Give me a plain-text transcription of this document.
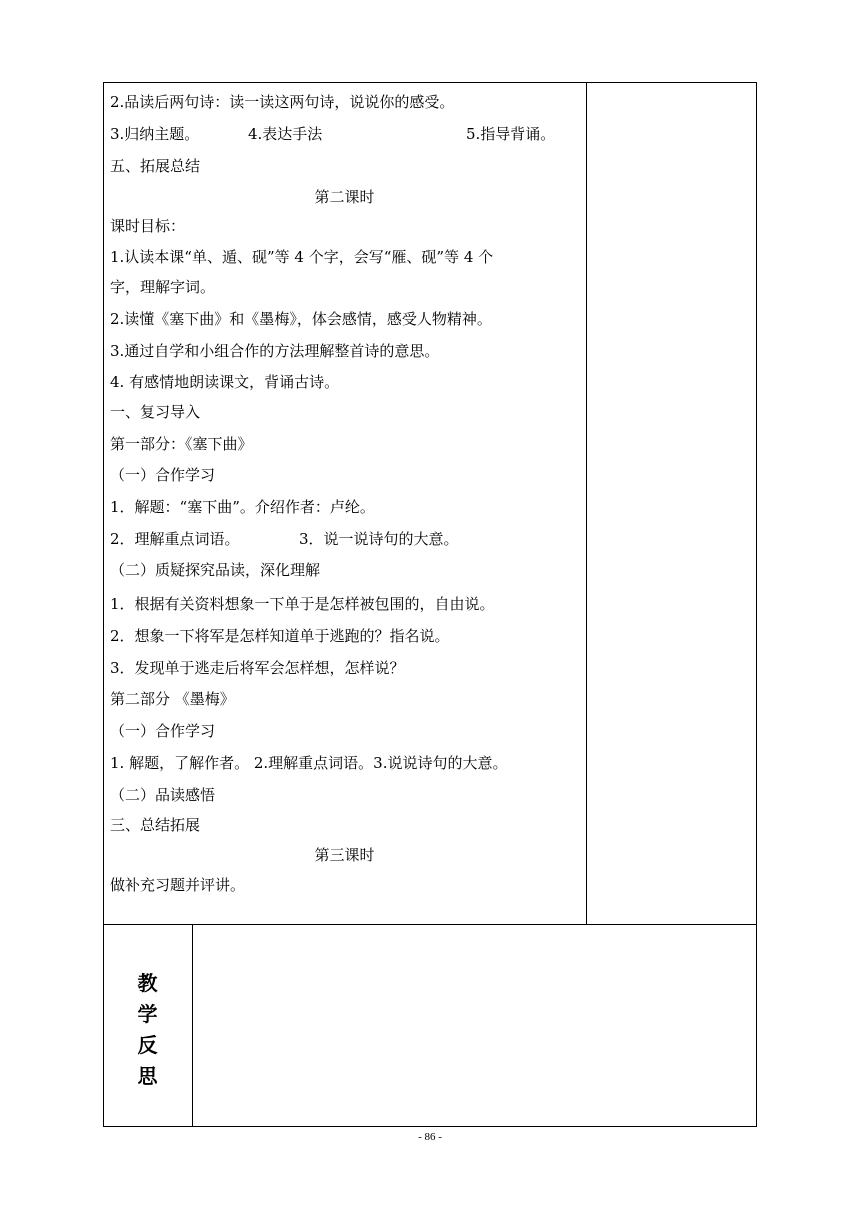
2.品读后两句诗：读一读这两句诗，说说你的感受。
3.归纳主题。	4.表达手法	5.指导背诵。
五、拓展总结
第二课时
课时目标：
1.认读本课“单、遁、砚”等 4 个字，会写“雁、砚”等 4 个
字，理解字词。
2.读懂《塞下曲》和《墨梅》，体会感情，感受人物精神。
3.通过自学和小组合作的方法理解整首诗的意思。
4. 有感情地朗读课文，背诵古诗。
一、复习导入
第一部分：《塞下曲》
（一）合作学习
1．解题：“塞下曲”。介绍作者：卢纶。
2．理解重点词语。	3．说一说诗句的大意。
（二）质疑探究品读，深化理解
1．根据有关资料想象一下单于是怎样被包围的，自由说。
2．想象一下将军是怎样知道单于逃跑的？指名说。
3．发现单于逃走后将军会怎样想，怎样说？
第二部分 《墨梅》
（一）合作学习
1. 解题，了解作者。 2.理解重点词语。3.说说诗句的大意。
（二）品读感悟
三、总结拓展
第三课时
做补充习题并评讲。
教
学
反
思
- 86 -
